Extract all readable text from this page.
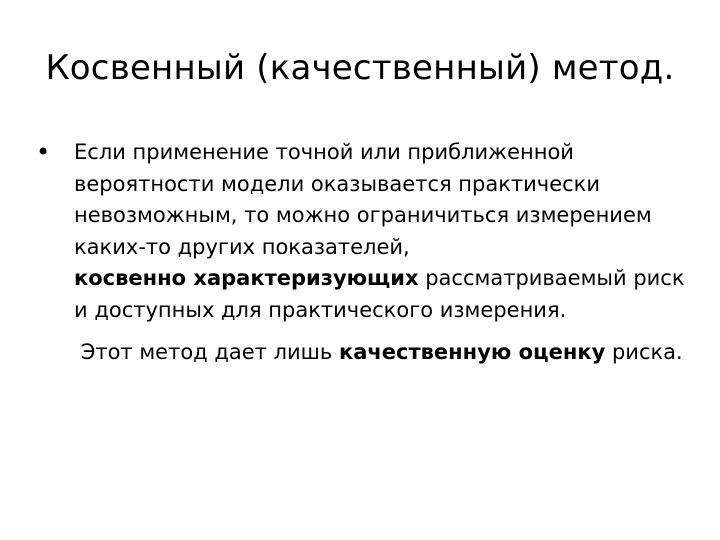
Косвенный (качественный) метод.
•	Если применение точной или приближенной вероятности модели оказывается практически невозможным, то можно ограничиться измерением каких-то других показателей,
косвенно характеризующих рассматриваемый риск и доступных для практического измерения.
Этот метод дает лишь качественную оценку риска.
